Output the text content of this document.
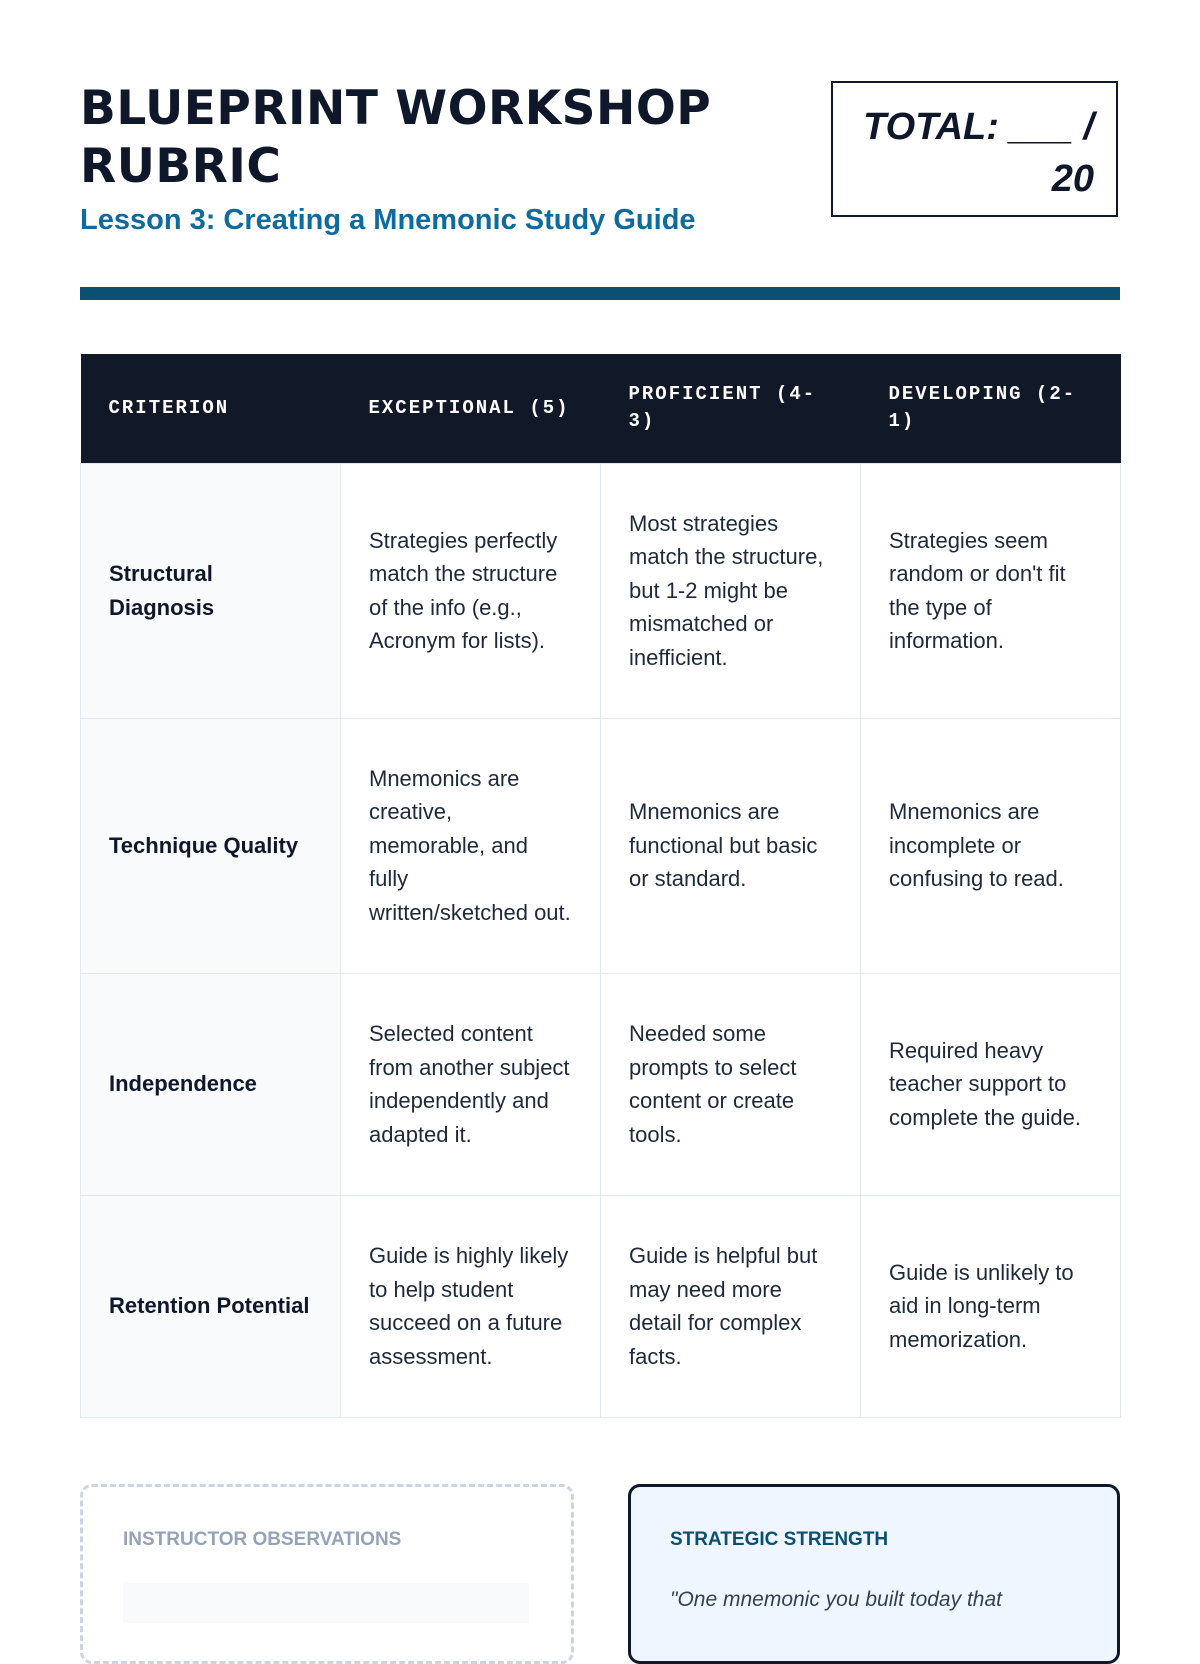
BLUEPRINT WORKSHOP RUBRIC
Lesson 3: Creating a Mnemonic Study Guide
TOTAL: ___ / 20
CRITERION	EXCEPTIONAL (5)	PROFICIENT (4-3)	DEVELOPING (2-1)
Structural Diagnosis	Strategies perfectly match the structure of the info (e.g., Acronym for lists).	Most strategies match the structure, but 1-2 might be mismatched or inefficient.	Strategies seem random or don't fit the type of information.
Technique Quality	Mnemonics are creative, memorable, and fully written/sketched out.	Mnemonics are functional but basic or standard.	Mnemonics are incomplete or confusing to read.
Independence	Selected content from another subject independently and adapted it.	Needed some prompts to select content or create tools.	Required heavy teacher support to complete the guide.
Retention Potential	Guide is highly likely to help student succeed on a future assessment.	Guide is helpful but may need more detail for complex facts.	Guide is unlikely to aid in long-term memorization.
INSTRUCTOR OBSERVATIONS	STRATEGIC STRENGTH

"One mnemonic you built today that
